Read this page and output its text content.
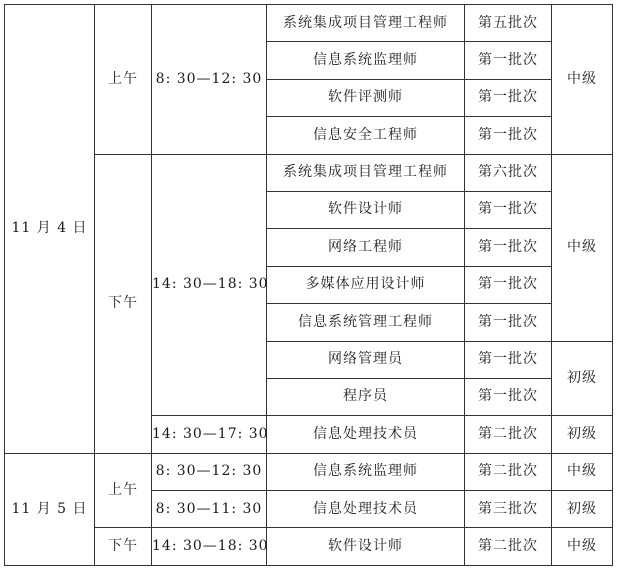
11 月 4 日	上午	8: 30—12: 30	系统集成项目管理工程师	第五批次	中级
			信息系统监理师	第一批次	
			软件评测师	第一批次	
			信息安全工程师	第一批次	
	下午	14: 30—18: 30	系统集成项目管理工程师	第六批次	中级
			软件设计师	第一批次	
			网络工程师	第一批次	
			多媒体应用设计师	第一批次	
			信息系统管理工程师	第一批次	
			网络管理员	第一批次	初级
			程序员	第一批次	
		14: 30—17: 30	信息处理技术员	第二批次	初级
11 月 5 日	上午	8: 30—12: 30	信息系统监理师	第二批次	中级
		8: 30—11: 30	信息处理技术员	第三批次	初级
	下午	14: 30—18: 30	软件设计师	第二批次	中级
